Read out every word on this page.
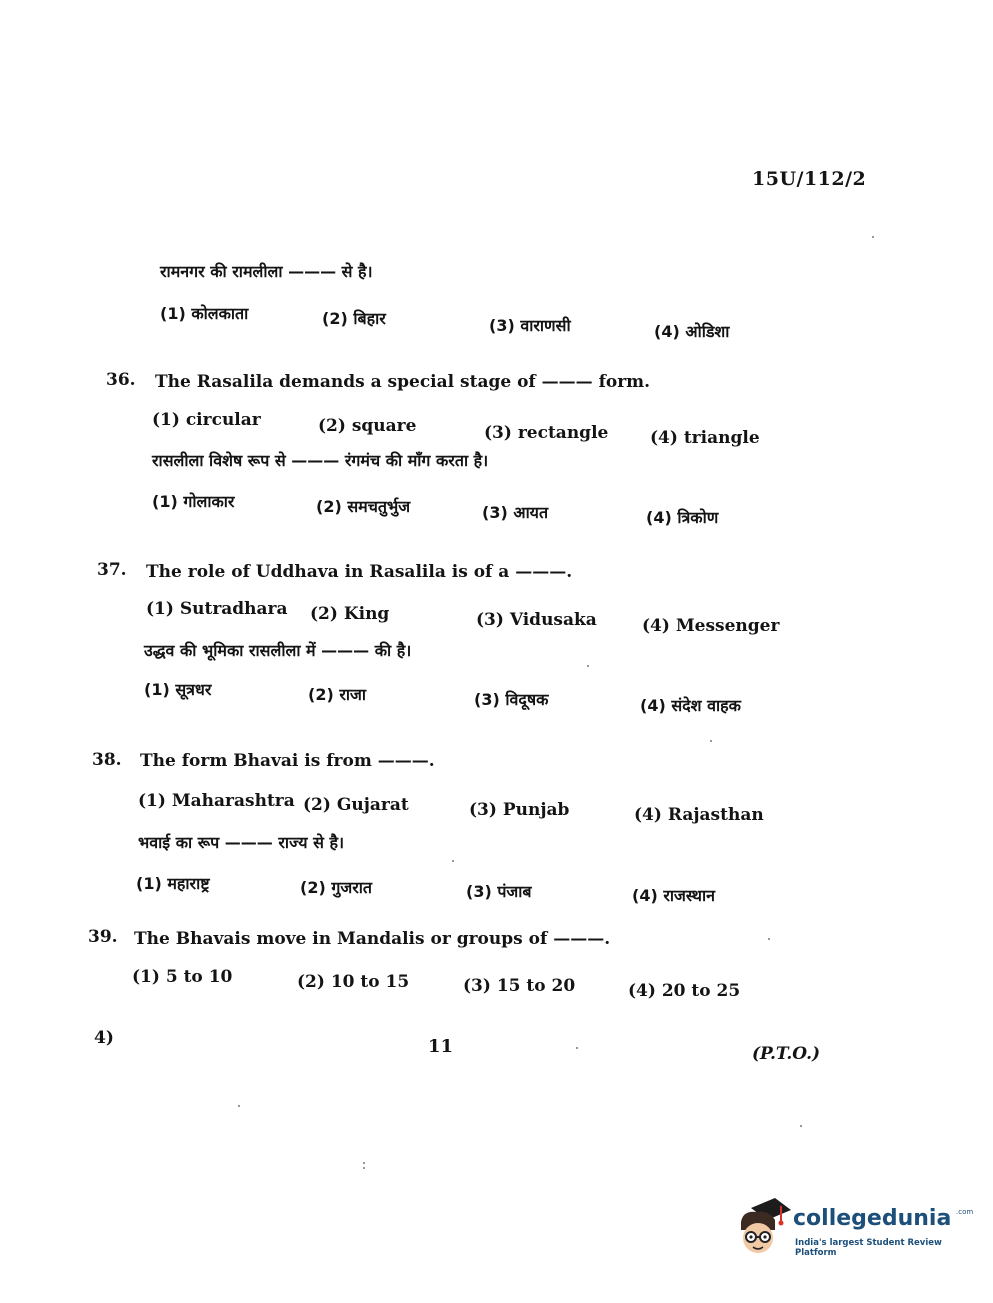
15U/112/2
रामनगर की रामलीला ——— से है।
(1) कोलकाता	(2) बिहार	(3) वाराणसी	(4) ओडिशा
36. The Rasalila demands a special stage of ——— form.
(1) circular	(2) square	(3) rectangle (4) triangle
रासलीला विशेष रूप से ——— रंगमंच की माँग करता है।
(1) गोलाकार	(2) समचतुर्भुज	(3) आयत	(4) त्रिकोण
37. The role of Uddhava in Rasalila is of a ———.
(1) Sutradhara (2) King	(3) Vidusaka	(4) Messenger
उद्धव की भूमिका रासलीला में ——— की है।
(1) सूत्रधर	(2) राजा	(3) विदूषक	(4) संदेश वाहक
38. The form Bhavai is from ———.
(1) Maharashtra (2) Gujarat	(3) Punjab	(4) Rajasthan
भवाई का रूप ——— राज्य से है।
(1) महाराष्ट्र	(2) गुजरात	(3) पंजाब	(4) राजस्थान
39. The Bhavais move in Mandalis or groups of ———.
(1) 5 to 10	(2) 10 to 15	(3) 15 to 20	(4) 20 to 25
4)	11	(P.T.O.)
collegedunia .com
India's largest Student Review Platform
